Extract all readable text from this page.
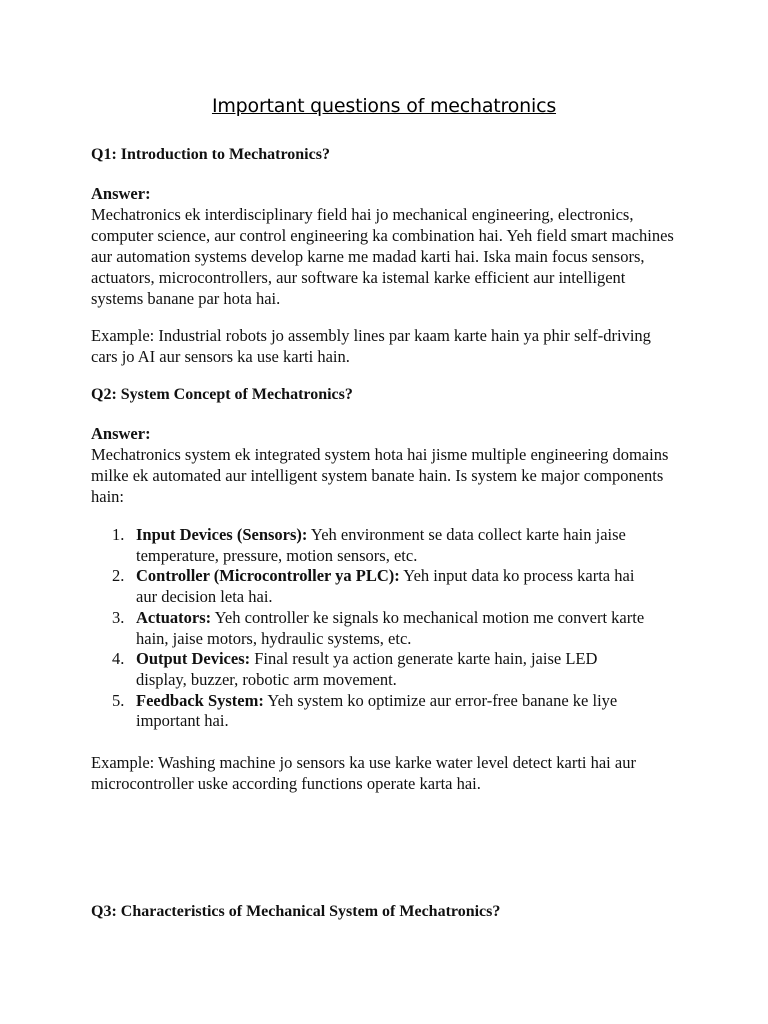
Important questions of mechatronics
Q1: Introduction to Mechatronics?
Answer:
Mechatronics ek interdisciplinary field hai jo mechanical engineering, electronics, computer science, aur control engineering ka combination hai. Yeh field smart machines aur automation systems develop karne me madad karti hai. Iska main focus sensors, actuators, microcontrollers, aur software ka istemal karke efficient aur intelligent systems banane par hota hai.
Example: Industrial robots jo assembly lines par kaam karte hain ya phir self-driving cars jo AI aur sensors ka use karti hain.
Q2: System Concept of Mechatronics?
Answer:
Mechatronics system ek integrated system hota hai jisme multiple engineering domains milke ek automated aur intelligent system banate hain. Is system ke major components hain:
1. Input Devices (Sensors): Yeh environment se data collect karte hain jaise temperature, pressure, motion sensors, etc.
2. Controller (Microcontroller ya PLC): Yeh input data ko process karta hai aur decision leta hai.
3. Actuators: Yeh controller ke signals ko mechanical motion me convert karte hain, jaise motors, hydraulic systems, etc.
4. Output Devices: Final result ya action generate karte hain, jaise LED display, buzzer, robotic arm movement.
5. Feedback System: Yeh system ko optimize aur error-free banane ke liye important hai.
Example: Washing machine jo sensors ka use karke water level detect karti hai aur microcontroller uske according functions operate karta hai.
Q3: Characteristics of Mechanical System of Mechatronics?
